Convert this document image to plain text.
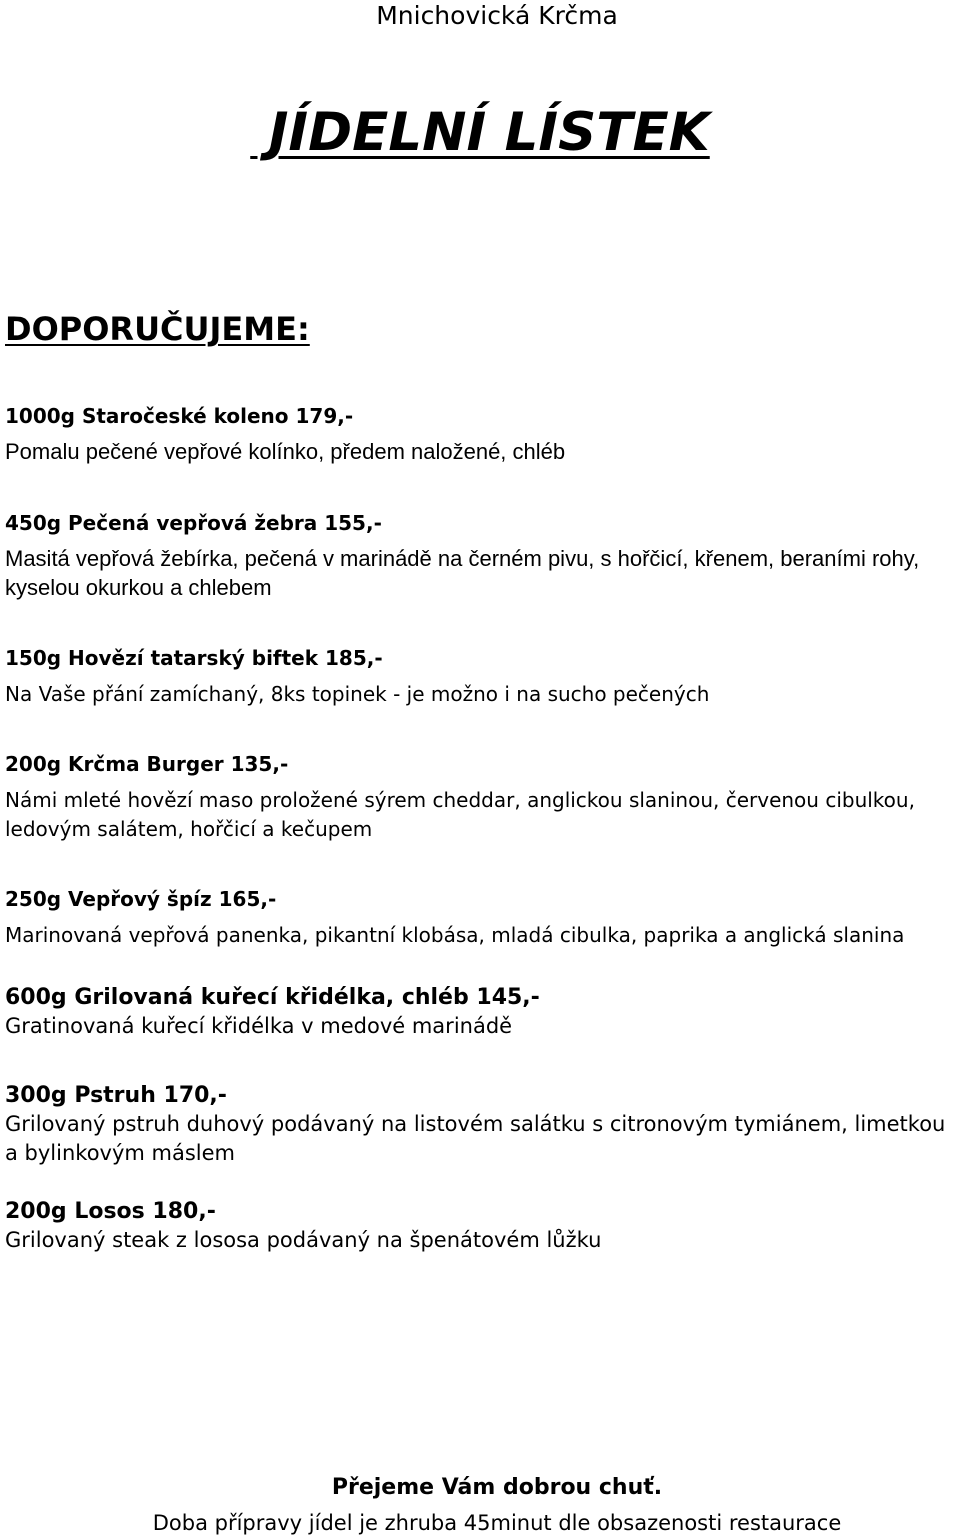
Mnichovická Krčma
JÍDELNÍ LÍSTEK
DOPORUČUJEME:
1000g Staročeské koleno 179,-
Pomalu pečené vepřové kolínko, předem naložené, chléb
450g Pečená vepřová žebra 155,-
Masitá vepřová žebírka, pečená v marinádě na černém pivu, s hořčicí, křenem, beraními rohy, kyselou okurkou a chlebem
150g Hovězí tatarský biftek 185,-
Na Vaše přání zamíchaný, 8ks topinek - je možno i na sucho pečených
200g Krčma Burger 135,-
Námi mleté hovězí maso proložené sýrem cheddar, anglickou slaninou, červenou cibulkou, ledovým salátem, hořčicí a kečupem
250g Vepřový špíz 165,-
Marinovaná vepřová panenka, pikantní klobása, mladá cibulka, paprika a anglická slanina
600g Grilovaná kuřecí křidélka, chléb 145,-
Gratinovaná kuřecí křidélka v medové marinádě
300g Pstruh 170,-
Grilovaný pstruh duhový podávaný na listovém salátku s citronovým tymiánem, limetkou a bylinkovým máslem
200g Losos 180,-
Grilovaný steak z lososa podávaný na špenátovém lůžku
Přejeme Vám dobrou chuť.
Doba přípravy jídel je zhruba 45minut dle obsazenosti restaurace
